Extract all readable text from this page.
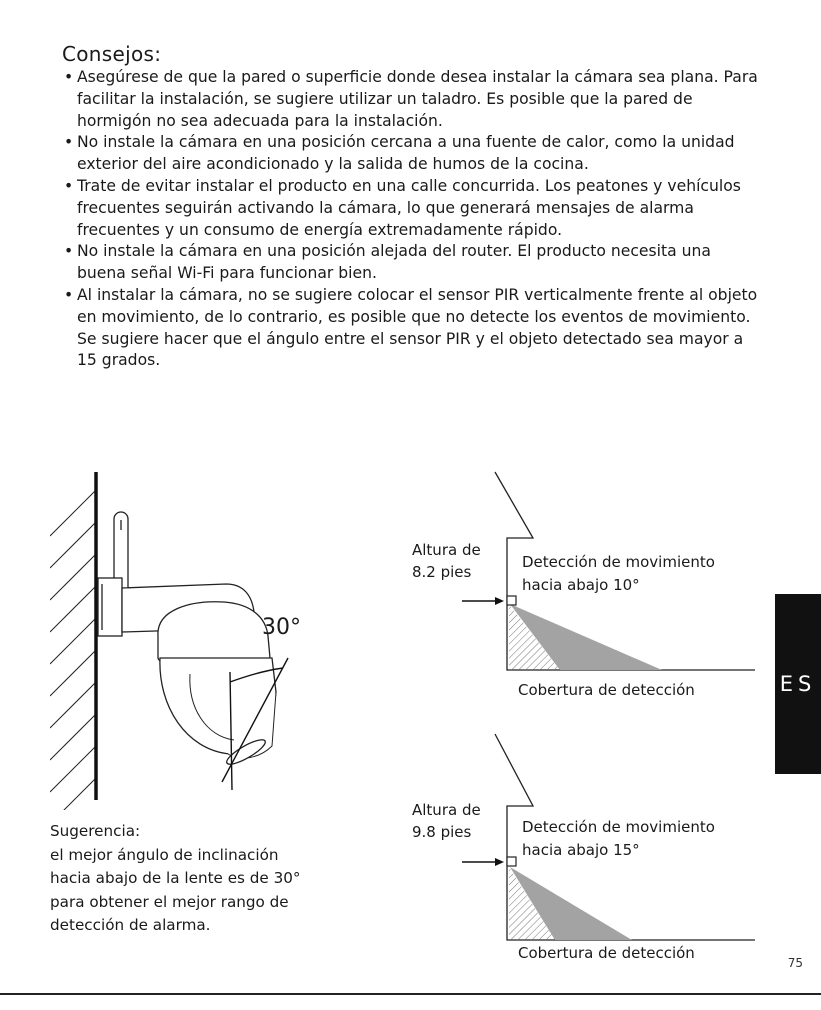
Consejos:
• Asegúrese de que la pared o superficie donde desea instalar la cámara sea plana. Para facilitar la instalación, se sugiere utilizar un taladro. Es posible que la pared de hormigón no sea adecuada para la instalación.
• No instale la cámara en una posición cercana a una fuente de calor, como la unidad exterior del aire acondicionado y la salida de humos de la cocina.
• Trate de evitar instalar el producto en una calle concurrida. Los peatones y vehículos frecuentes seguirán activando la cámara, lo que generará mensajes de alarma frecuentes y un consumo de energía extremadamente rápido.
• No instale la cámara en una posición alejada del router. El producto necesita una buena señal Wi-Fi para funcionar bien.
• Al instalar la cámara, no se sugiere colocar el sensor PIR verticalmente frente al objeto en movimiento, de lo contrario, es posible que no detecte los eventos de movimiento. Se sugiere hacer que el ángulo entre el sensor PIR y el objeto detectado sea mayor a 15 grados.
30°
Sugerencia:
el mejor ángulo de inclinación
hacia abajo de la lente es de 30°
para obtener el mejor rango de
detección de alarma.
Altura de
8.2 pies
Detección de movimiento
hacia abajo 10°
Cobertura de detección
Altura de
9.8 pies	Detección de movimiento
hacia abajo 15°
Cobertura de detección
ES
75
